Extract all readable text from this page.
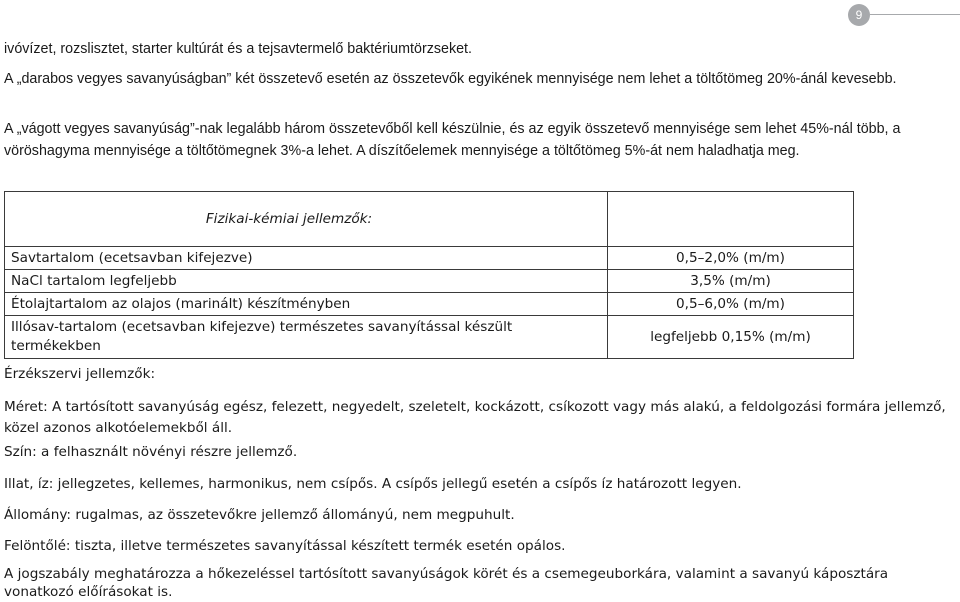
9
ivóvízet, rozslisztet, starter kultúrát és a tejsavtermelő baktériumtörzseket.
A „darabos vegyes savanyúságban” két összetevő esetén az összetevők egyikének mennyisége nem lehet a töltőtömeg 20%-ánál kevesebb.
A „vágott vegyes savanyúság”-nak legalább három összetevőből kell készülnie, és az egyik összetevő mennyisége sem lehet 45%-nál több, a vöröshagyma mennyisége a töltőtömegnek 3%-a lehet. A díszítőelemek mennyisége a töltőtömeg 5%-át nem haladhatja meg.
Fizikai-kémiai jellemzők:	
Savtartalom (ecetsavban kifejezve)	0,5–2,0% (m/m)
NaCl tartalom legfeljebb	3,5% (m/m)
Étolajtartalom az olajos (marinált) készítményben	0,5–6,0% (m/m)
Illósav-tartalom (ecetsavban kifejezve) természetes savanyítással készült termékekben	legfeljebb 0,15% (m/m)
Érzékszervi jellemzők:
Méret: A tartósított savanyúság egész, felezett, negyedelt, szeletelt, kockázott, csíkozott vagy más alakú, a feldolgozási formára jellemző, közel azonos alkotóelemekből áll.
Szín: a felhasznált növényi részre jellemző.
Illat, íz: jellegzetes, kellemes, harmonikus, nem csípős. A csípős jellegű esetén a csípős íz határozott legyen.
Állomány: rugalmas, az összetevőkre jellemző állományú, nem megpuhult.
Felöntőlé: tiszta, illetve természetes savanyítással készített termék esetén opálos.
A jogszabály meghatározza a hőkezeléssel tartósított savanyúságok körét és a csemegeuborkára, valamint a savanyú káposztára vonatkozó előírásokat is.
